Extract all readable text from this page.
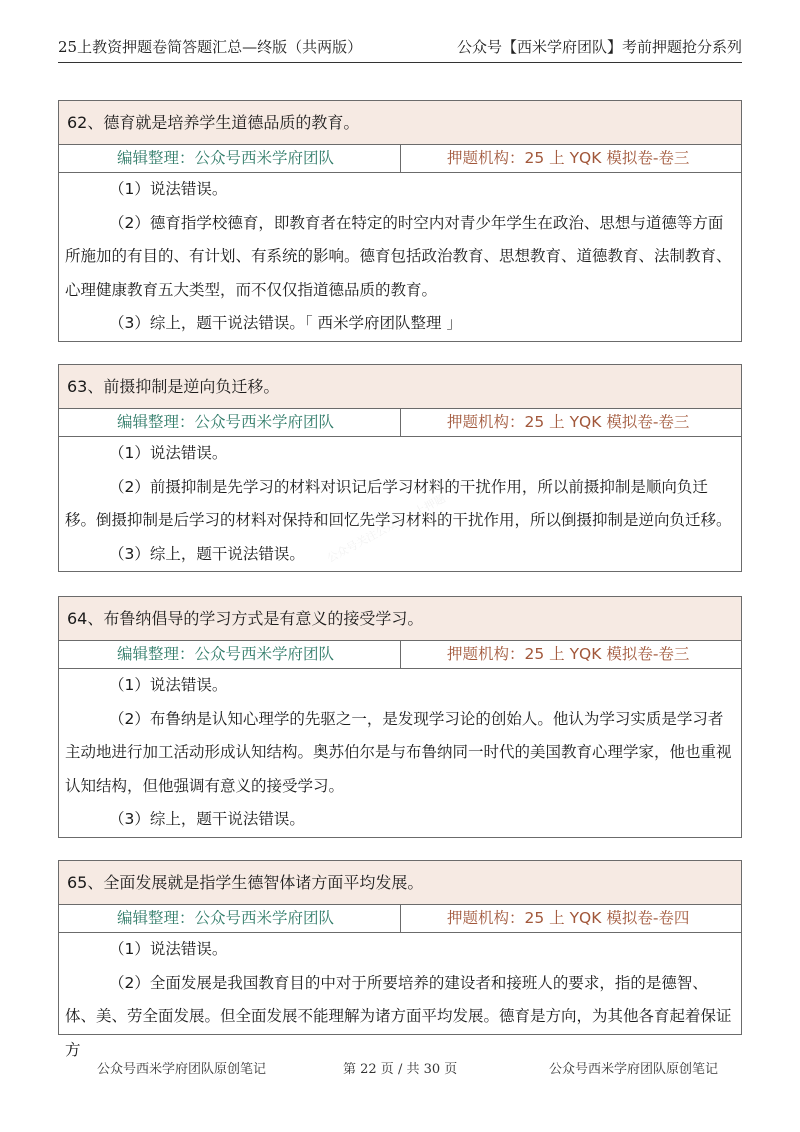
25上教资押题卷简答题汇总—终版（共两版）	公众号【西米学府团队】考前押题抢分系列
公众号关注公众号：上押题
62、德育就是培养学生道德品质的教育。
编辑整理：公众号西米学府团队	押题机构：25 上 YQK 模拟卷-卷三

（1）说法错误。

（2）德育指学校德育，即教育者在特定的时空内对青少年学生在政治、思想与道德等方面所施加的有目的、有计划、有系统的影响。德育包括政治教育、思想教育、道德教育、法制教育、心理健康教育五大类型，而不仅仅指道德品质的教育。

（3）综上，题干说法错误。「 西米学府团队整理 」

63、前摄抑制是逆向负迁移。
编辑整理：公众号西米学府团队	押题机构：25 上 YQK 模拟卷-卷三

（1）说法错误。

（2）前摄抑制是先学习的材料对识记后学习材料的干扰作用，所以前摄抑制是顺向负迁移。倒摄抑制是后学习的材料对保持和回忆先学习材料的干扰作用，所以倒摄抑制是逆向负迁移。

（3）综上，题干说法错误。

64、布鲁纳倡导的学习方式是有意义的接受学习。
编辑整理：公众号西米学府团队	押题机构：25 上 YQK 模拟卷-卷三

（1）说法错误。

（2）布鲁纳是认知心理学的先驱之一，是发现学习论的创始人。他认为学习实质是学习者主动地进行加工活动形成认知结构。奥苏伯尔是与布鲁纳同一时代的美国教育心理学家，他也重视认知结构，但他强调有意义的接受学习。

（3）综上，题干说法错误。

65、全面发展就是指学生德智体诸方面平均发展。
编辑整理：公众号西米学府团队	押题机构：25 上 YQK 模拟卷-卷四

（1）说法错误。

（2）全面发展是我国教育目的中对于所要培养的建设者和接班人的要求，指的是德智、体、美、劳全面发展。但全面发展不能理解为诸方面平均发展。德育是方向，为其他各育起着保证方

公众号西米学府团队原创笔记	第 22 页 / 共 30 页	公众号西米学府团队原创笔记
